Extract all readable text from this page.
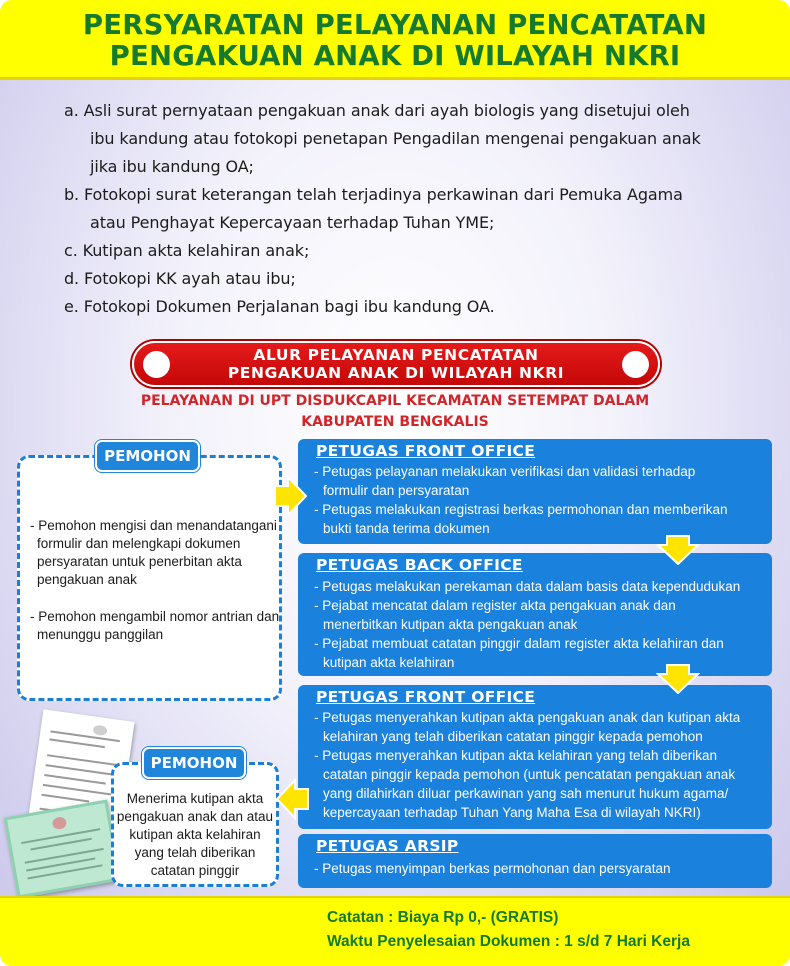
PERSYARATAN PELAYANAN PENCATATAN
PENGAKUAN ANAK DI WILAYAH NKRI
a. Asli surat pernyataan pengakuan anak dari ayah biologis yang disetujui oleh
ibu kandung atau fotokopi penetapan Pengadilan mengenai pengakuan anak
jika ibu kandung OA;
b. Fotokopi surat keterangan telah terjadinya perkawinan dari Pemuka Agama
atau Penghayat Kepercayaan terhadap Tuhan YME;
c. Kutipan akta kelahiran anak;
d. Fotokopi KK ayah atau ibu;
e. Fotokopi Dokumen Perjalanan bagi ibu kandung OA.
ALUR PELAYANAN PENCATATAN
PENGAKUAN ANAK DI WILAYAH NKRI
PELAYANAN DI UPT DISDUKCAPIL KECAMATAN SETEMPAT DALAM
KABUPATEN BENGKALIS
- Pemohon mengisi dan menandatangani
formulir dan melengkapi dokumen
persyaratan untuk penerbitan akta
pengakuan anak
- Pemohon mengambil nomor antrian dan
menunggu panggilan
PEMOHON
Menerima kutipan akta
pengakuan anak dan atau
kutipan akta kelahiran
yang telah diberikan
catatan pinggir
PEMOHON
PETUGAS FRONT OFFICE
- Petugas pelayanan melakukan verifikasi dan validasi terhadap
formulir dan persyaratan
- Petugas melakukan registrasi berkas permohonan dan memberikan
bukti tanda terima dokumen
PETUGAS BACK OFFICE
- Petugas melakukan perekaman data dalam basis data kependudukan
- Pejabat mencatat dalam register akta pengakuan anak dan
menerbitkan kutipan akta pengakuan anak
- Pejabat membuat catatan pinggir dalam register akta kelahiran dan
kutipan akta kelahiran
PETUGAS FRONT OFFICE
- Petugas menyerahkan kutipan akta pengakuan anak dan kutipan akta
kelahiran yang telah diberikan catatan pinggir kepada pemohon
- Petugas menyerahkan kutipan akta kelahiran yang telah diberikan
catatan pinggir kepada pemohon (untuk pencatatan pengakuan anak
yang dilahirkan diluar perkawinan yang sah menurut hukum agama/
kepercayaan terhadap Tuhan Yang Maha Esa di wilayah NKRI)
PETUGAS ARSIP
- Petugas menyimpan berkas permohonan dan persyaratan
Catatan : Biaya Rp 0,- (GRATIS)
Waktu Penyelesaian Dokumen : 1 s/d 7 Hari Kerja
